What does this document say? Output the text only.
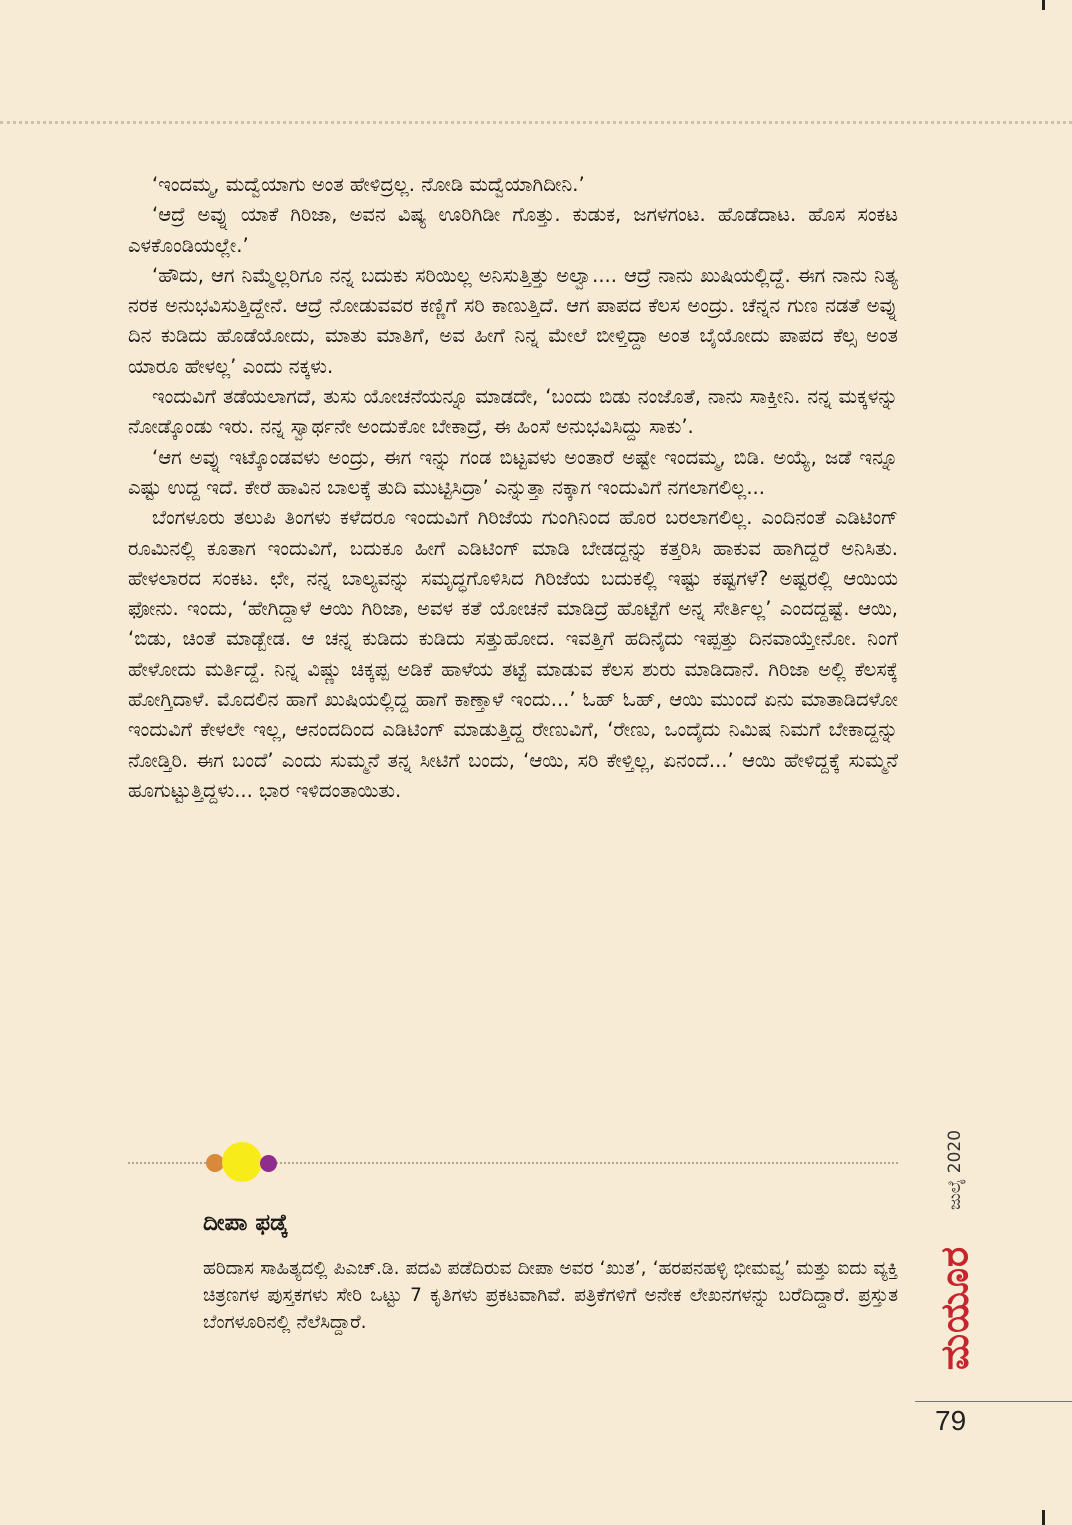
‘ಇಂದಮ್ಮ, ಮದ್ವೆಯಾಗು ಅಂತ ಹೇಳಿದ್ರಲ್ಲ. ನೋಡಿ ಮದ್ವೆಯಾಗಿದೀನಿ.’

‘ಆದ್ರೆ ಅವ್ನು ಯಾಕೆ ಗಿರಿಜಾ, ಅವನ ವಿಷ್ಯ ಊರಿಗಿಡೀ ಗೊತ್ತು. ಕುಡುಕ, ಜಗಳಗಂಟ. ಹೊಡೆದಾಟ. ಹೊಸ ಸಂಕಟ ಎಳಕೊಂಡಿಯಲ್ಲೇ.’

‘ಹೌದು, ಆಗ ನಿಮ್ಮೆಲ್ಲರಿಗೂ ನನ್ನ ಬದುಕು ಸರಿಯಿಲ್ಲ ಅನಿಸುತ್ತಿತ್ತು ಅಲ್ವಾ.... ಆದ್ರೆ ನಾನು ಖುಷಿಯಲ್ಲಿದ್ದೆ. ಈಗ ನಾನು ನಿತ್ಯ ನರಕ ಅನುಭವಿಸುತ್ತಿದ್ದೇನೆ. ಆದ್ರೆ ನೋಡುವವರ ಕಣ್ಣಿಗೆ ಸರಿ ಕಾಣುತ್ತಿದೆ. ಆಗ ಪಾಪದ ಕೆಲಸ ಅಂದ್ರು. ಚೆನ್ನನ ಗುಣ ನಡತೆ ಅವ್ನು ದಿನ ಕುಡಿದು ಹೊಡೆಯೋದು, ಮಾತು ಮಾತಿಗೆ, ಅವ ಹೀಗೆ ನಿನ್ನ ಮೇಲೆ ಬೀಳ್ತಿದ್ದಾ ಅಂತ ಬೈಯೋದು ಪಾಪದ ಕೆಲ್ಸ ಅಂತ ಯಾರೂ ಹೇಳಲ್ಲ’ ಎಂದು ನಕ್ಕಳು.

ಇಂದುವಿಗೆ ತಡೆಯಲಾಗದೆ, ತುಸು ಯೋಚನೆಯನ್ನೂ ಮಾಡದೇ, ‘ಬಂದು ಬಿಡು ನಂಜೊತೆ, ನಾನು ಸಾಕ್ತೀನಿ. ನನ್ನ ಮಕ್ಕಳನ್ನು ನೋಡ್ಕೊಂಡು ಇರು. ನನ್ನ ಸ್ವಾರ್ಥನೇ ಅಂದುಕೋ ಬೇಕಾದ್ರೆ, ಈ ಹಿಂಸೆ ಅನುಭವಿಸಿದ್ದು ಸಾಕು’.

‘ಆಗ ಅವ್ನು ಇಟ್ಕೊಂಡವಳು ಅಂದ್ರು, ಈಗ ಇನ್ನು ಗಂಡ ಬಿಟ್ಟವಳು ಅಂತಾರೆ ಅಷ್ಟೇ ಇಂದಮ್ಮ, ಬಿಡಿ. ಅಯ್ಯೆ, ಜಡೆ ಇನ್ನೂ ಎಷ್ಟು ಉದ್ದ ಇದೆ. ಕೇರೆ ಹಾವಿನ ಬಾಲಕ್ಕೆ ತುದಿ ಮುಟ್ಟಿಸಿದ್ರಾ’ ಎನ್ನುತ್ತಾ ನಕ್ಕಾಗ ಇಂದುವಿಗೆ ನಗಲಾಗಲಿಲ್ಲ...

ಬೆಂಗಳೂರು ತಲುಪಿ ತಿಂಗಳು ಕಳೆದರೂ ಇಂದುವಿಗೆ ಗಿರಿಜೆಯ ಗುಂಗಿನಿಂದ ಹೊರ ಬರಲಾಗಲಿಲ್ಲ. ಎಂದಿನಂತೆ ಎಡಿಟಿಂಗ್ ರೂಮಿನಲ್ಲಿ ಕೂತಾಗ ಇಂದುವಿಗೆ, ಬದುಕೂ ಹೀಗೆ ಎಡಿಟಿಂಗ್ ಮಾಡಿ ಬೇಡದ್ದನ್ನು ಕತ್ತರಿಸಿ ಹಾಕುವ ಹಾಗಿದ್ದರೆ ಅನಿಸಿತು. ಹೇಳಲಾರದ ಸಂಕಟ. ಛೇ, ನನ್ನ ಬಾಲ್ಯವನ್ನು ಸಮೃದ್ಧಗೊಳಿಸಿದ ಗಿರಿಜೆಯ ಬದುಕಲ್ಲಿ ಇಷ್ಟು ಕಷ್ಟಗಳೆ? ಅಷ್ಟರಲ್ಲಿ ಆಯಿಯ ಫೋನು. ಇಂದು, ‘ಹೇಗಿದ್ದಾಳೆ ಆಯಿ ಗಿರಿಜಾ, ಅವಳ ಕತೆ ಯೋಚನೆ ಮಾಡಿದ್ರೆ ಹೊಟ್ಟೆಗೆ ಅನ್ನ ಸೇರ್ತಿಲ್ಲ’ ಎಂದದ್ದಷ್ಟೆ. ಆಯಿ, ‘ಬಿಡು, ಚಿಂತೆ ಮಾಡ್ಬೇಡ. ಆ ಚನ್ನ ಕುಡಿದು ಕುಡಿದು ಸತ್ತುಹೋದ. ಇವತ್ತಿಗೆ ಹದಿನೈದು ಇಪ್ಪತ್ತು ದಿನವಾಯ್ತೇನೋ. ನಿಂಗೆ ಹೇಳೋದು ಮರ್ತಿದ್ದೆ. ನಿನ್ನ ವಿಷ್ಣು ಚಿಕ್ಕಪ್ಪ ಅಡಿಕೆ ಹಾಳೆಯ ತಟ್ಟೆ ಮಾಡುವ ಕೆಲಸ ಶುರು ಮಾಡಿದಾನೆ. ಗಿರಿಜಾ ಅಲ್ಲಿ ಕೆಲಸಕ್ಕೆ ಹೋಗ್ತಿದಾಳೆ. ಮೊದಲಿನ ಹಾಗೆ ಖುಷಿಯಲ್ಲಿದ್ದ ಹಾಗೆ ಕಾಣ್ತಾಳೆ ಇಂದು...’ ಓಹ್ ಓಹ್, ಆಯಿ ಮುಂದೆ ಏನು ಮಾತಾಡಿದಳೋ ಇಂದುವಿಗೆ ಕೇಳಲೇ ಇಲ್ಲ, ಆನಂದದಿಂದ ಎಡಿಟಿಂಗ್ ಮಾಡುತ್ತಿದ್ದ ರೇಣುವಿಗೆ, ‘ರೇಣು, ಒಂದೈದು ನಿಮಿಷ ನಿಮಗೆ ಬೇಕಾದ್ದನ್ನು ನೋಡ್ತಿರಿ. ಈಗ ಬಂದೆ’ ಎಂದು ಸುಮ್ಮನೆ ತನ್ನ ಸೀಟಿಗೆ ಬಂದು, ‘ಆಯಿ, ಸರಿ ಕೇಳ್ತಿಲ್ಲ, ಏನಂದೆ...’ ಆಯಿ ಹೇಳಿದ್ದಕ್ಕೆ ಸುಮ್ಮನೆ ಹೂಗುಟ್ಟುತ್ತಿದ್ದಳು... ಭಾರ ಇಳಿದಂತಾಯಿತು.

ದೀಪಾ ಫಡ್ಕೆ
ಹರಿದಾಸ ಸಾಹಿತ್ಯದಲ್ಲಿ ಪಿಎಚ್.ಡಿ. ಪದವಿ ಪಡೆದಿರುವ ದೀಪಾ ಅವರ ‘ಖುತ’, ‘ಹರಪನಹಳ್ಳಿ ಭೀಮವ್ವ’ ಮತ್ತು ಐದು ವ್ಯಕ್ತಿ ಚಿತ್ರಣಗಳ ಪುಸ್ತಕಗಳು ಸೇರಿ ಒಟ್ಟು 7 ಕೃತಿಗಳು ಪ್ರಕಟವಾಗಿವೆ. ಪತ್ರಿಕೆಗಳಿಗೆ ಅನೇಕ ಲೇಖನಗಳನ್ನು ಬರೆದಿದ್ದಾರೆ. ಪ್ರಸ್ತುತ ಬೆಂಗಳೂರಿನಲ್ಲಿ ನೆಲೆಸಿದ್ದಾರೆ.
ಜುಲೈ 2020
ಮಯೂರ
79
